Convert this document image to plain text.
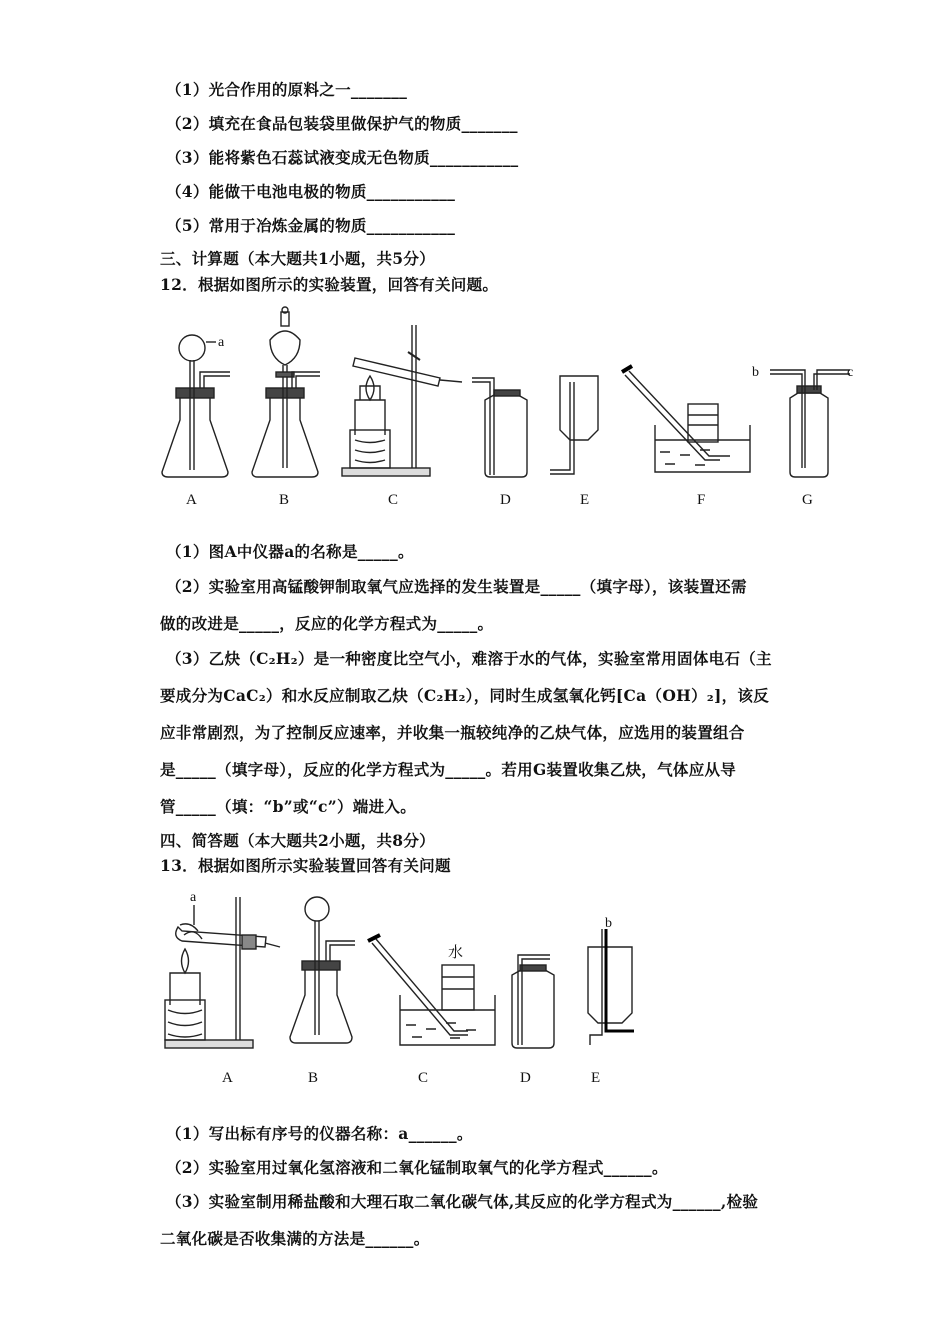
（1）光合作用的原料之一_______
（2）填充在食品包装袋里做保护气的物质_______
（3）能将紫色石蕊试液变成无色物质___________
（4）能做干电池电极的物质___________
（5）常用于冶炼金属的物质___________
三、计算题（本大题共1小题，共5分）
12．根据如图所示的实验装置，回答有关问题。
a
b	c
A	B	C	D	E	F	G
（1）图A中仪器a的名称是_____。
（2）实验室用高锰酸钾制取氧气应选择的发生装置是_____（填字母），该装置还需
做的改进是_____，反应的化学方程式为_____。
（3）乙炔（C₂H₂）是一种密度比空气小，难溶于水的气体，实验室常用固体电石（主
要成分为CaC₂）和水反应制取乙炔（C₂H₂），同时生成氢氧化钙[Ca（OH）₂]，该反
应非常剧烈，为了控制反应速率，并收集一瓶较纯净的乙炔气体，应选用的装置组合
是_____（填字母），反应的化学方程式为_____。若用G装置收集乙炔，气体应从导
管_____（填：“b”或“c”）端进入。
四、简答题（本大题共2小题，共8分）
13．根据如图所示实验装置回答有关问题
a
水
b
A	B	C	D	E
（1）写出标有序号的仪器名称：a______。
（2）实验室用过氧化氢溶液和二氧化锰制取氧气的化学方程式______。
（3）实验室制用稀盐酸和大理石取二氧化碳气体,其反应的化学方程式为______,检验
二氧化碳是否收集满的方法是______。
